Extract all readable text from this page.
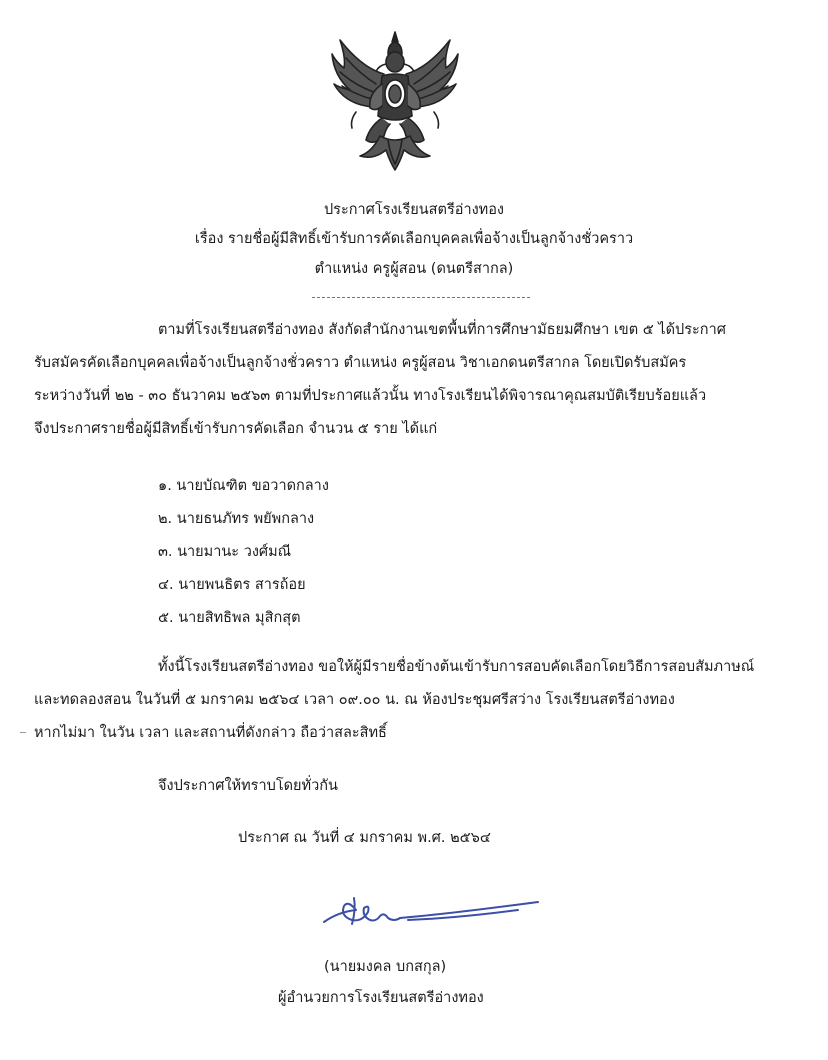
ประกาศโรงเรียนสตรีอ่างทอง
เรื่อง รายชื่อผู้มีสิทธิ์เข้ารับการคัดเลือกบุคคลเพื่อจ้างเป็นลูกจ้างชั่วคราว
ตำแหน่ง ครูผู้สอน (ดนตรีสากล)
ตามที่โรงเรียนสตรีอ่างทอง สังกัดสำนักงานเขตพื้นที่การศึกษามัธยมศึกษา เขต ๕ ได้ประกาศ
รับสมัครคัดเลือกบุคคลเพื่อจ้างเป็นลูกจ้างชั่วคราว ตำแหน่ง ครูผู้สอน วิชาเอกดนตรีสากล โดยเปิดรับสมัคร
ระหว่างวันที่ ๒๒ - ๓๐ ธันวาคม ๒๕๖๓ ตามที่ประกาศแล้วนั้น ทางโรงเรียนได้พิจารณาคุณสมบัติเรียบร้อยแล้ว
จึงประกาศรายชื่อผู้มีสิทธิ์เข้ารับการคัดเลือก จำนวน ๕ ราย ได้แก่
๑. นายบัณฑิต ขอวาดกลาง
๒. นายธนภัทร พยัพกลาง
๓. นายมานะ วงศ์มณี
๔. นายพนธิตร สารถ้อย
๕. นายสิทธิพล มุสิกสุต
ทั้งนี้โรงเรียนสตรีอ่างทอง ขอให้ผู้มีรายชื่อข้างต้นเข้ารับการสอบคัดเลือกโดยวิธีการสอบสัมภาษณ์
และทดลองสอน ในวันที่ ๕ มกราคม ๒๕๖๔ เวลา ๐๙.๐๐ น. ณ ห้องประชุมศรีสว่าง โรงเรียนสตรีอ่างทอง
หากไม่มา ในวัน เวลา และสถานที่ดังกล่าว ถือว่าสละสิทธิ์
จึงประกาศให้ทราบโดยทั่วกัน
ประกาศ ณ วันที่ ๔ มกราคม พ.ศ. ๒๕๖๔
(นายมงคล บกสกุล)
ผู้อำนวยการโรงเรียนสตรีอ่างทอง
